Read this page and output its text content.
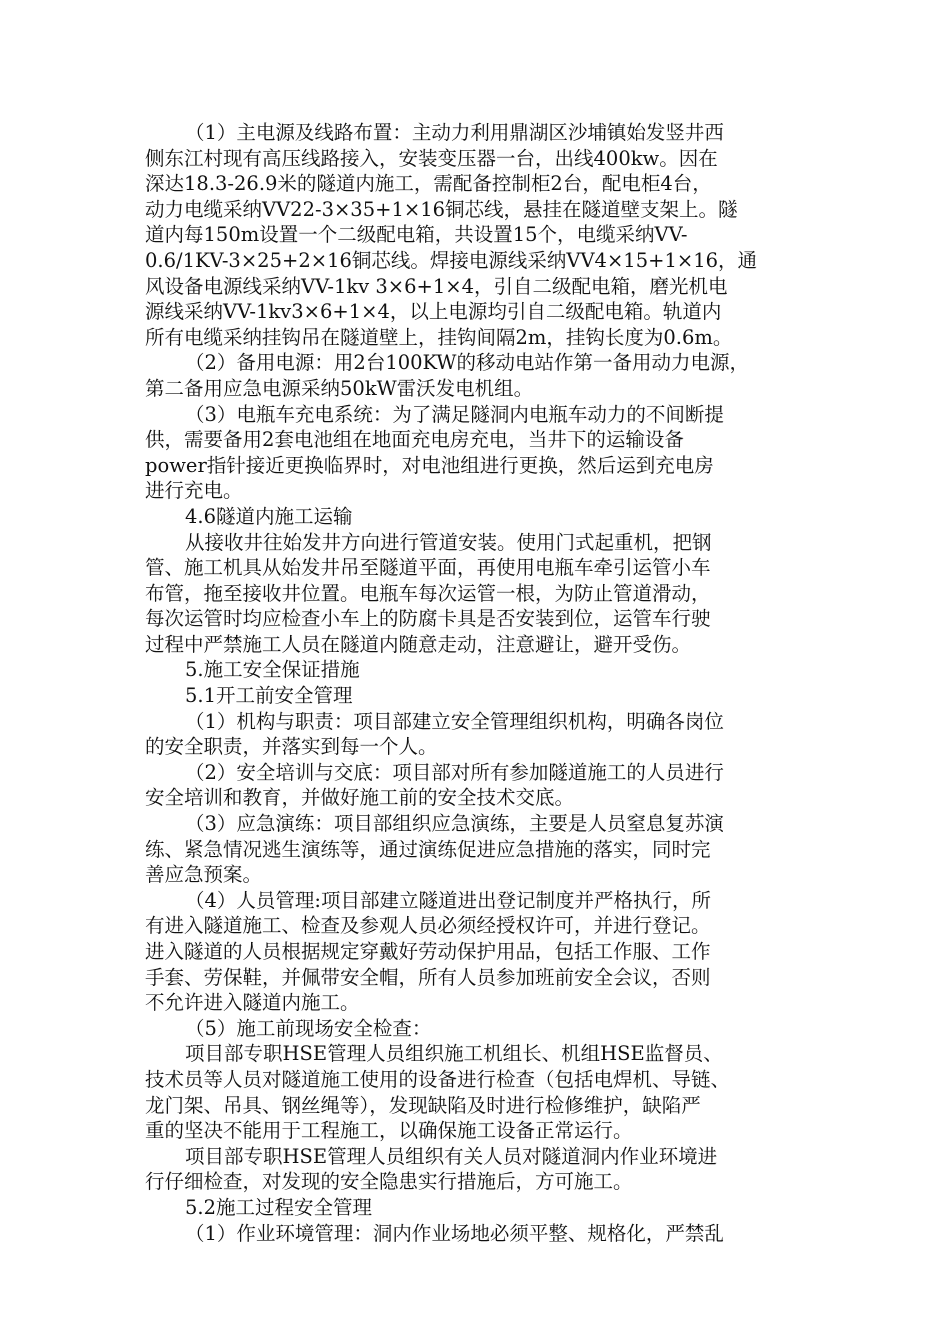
（1）主电源及线路布置：主动力利用鼎湖区沙埔镇始发竖井西
侧东江村现有高压线路接入，安装变压器一台，出线400kw。因在
深达18.3-26.9米的隧道内施工，需配备控制柜2台，配电柜4台，
动力电缆采纳VV22-3×35+1×16铜芯线，悬挂在隧道壁支架上。隧
道内每150m设置一个二级配电箱，共设置15个，电缆采纳VV-
0.6/1KV-3×25+2×16铜芯线。焊接电源线采纳VV4×15+1×16，通
风设备电源线采纳VV-1kv 3×6+1×4，引自二级配电箱，磨光机电
源线采纳VV-1kv3×6+1×4，以上电源均引自二级配电箱。轨道内
所有电缆采纳挂钩吊在隧道壁上，挂钩间隔2m，挂钩长度为0.6m。
（2）备用电源：用2台100KW的移动电站作第一备用动力电源，
第二备用应急电源采纳50kW雷沃发电机组。
（3）电瓶车充电系统：为了满足隧洞内电瓶车动力的不间断提
供，需要备用2套电池组在地面充电房充电，当井下的运输设备
power指针接近更换临界时，对电池组进行更换，然后运到充电房
进行充电。
4.6隧道内施工运输
从接收井往始发井方向进行管道安装。使用门式起重机，把钢
管、施工机具从始发井吊至隧道平面，再使用电瓶车牵引运管小车
布管，拖至接收井位置。电瓶车每次运管一根，为防止管道滑动，
每次运管时均应检查小车上的防腐卡具是否安装到位，运管车行驶
过程中严禁施工人员在隧道内随意走动，注意避让，避开受伤。
5.施工安全保证措施
5.1开工前安全管理
（1）机构与职责：项目部建立安全管理组织机构，明确各岗位
的安全职责，并落实到每一个人。
（2）安全培训与交底：项目部对所有参加隧道施工的人员进行
安全培训和教育，并做好施工前的安全技术交底。
（3）应急演练：项目部组织应急演练，主要是人员窒息复苏演
练、紧急情况逃生演练等，通过演练促进应急措施的落实，同时完
善应急预案。
（4）人员管理:项目部建立隧道进出登记制度并严格执行，所
有进入隧道施工、检查及参观人员必须经授权许可，并进行登记。
进入隧道的人员根据规定穿戴好劳动保护用品，包括工作服、工作
手套、劳保鞋，并佩带安全帽，所有人员参加班前安全会议，否则
不允许进入隧道内施工。
（5）施工前现场安全检查：
项目部专职HSE管理人员组织施工机组长、机组HSE监督员、
技术员等人员对隧道施工使用的设备进行检查（包括电焊机、导链、
龙门架、吊具、钢丝绳等），发现缺陷及时进行检修维护，缺陷严
重的坚决不能用于工程施工，以确保施工设备正常运行。
项目部专职HSE管理人员组织有关人员对隧道洞内作业环境进
行仔细检查，对发现的安全隐患实行措施后，方可施工。
5.2施工过程安全管理
（1）作业环境管理：洞内作业场地必须平整、规格化，严禁乱
